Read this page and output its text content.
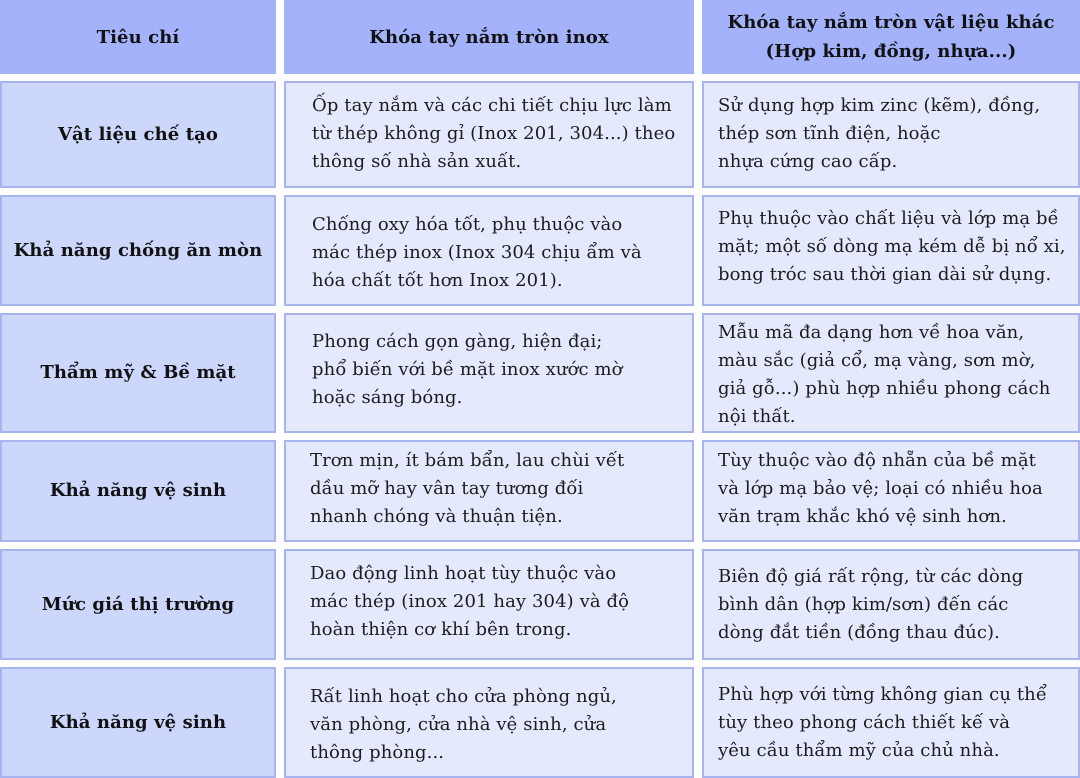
Tiêu chí	Khóa tay nắm tròn inox
Khóa tay nắm tròn vật liệu khác
(Hợp kim, đồng, nhựa...)
Vật liệu chế tạo
Ốp tay nắm và các chi tiết chịu lực làm
từ thép không gỉ (Inox 201, 304...) theo
thông số nhà sản xuất.
Sử dụng hợp kim zinc (kẽm), đồng,
thép sơn tĩnh điện, hoặc
nhựa cứng cao cấp.
Khả năng chống ăn mòn
Chống oxy hóa tốt, phụ thuộc vào
mác thép inox (Inox 304 chịu ẩm và
hóa chất tốt hơn Inox 201).
Phụ thuộc vào chất liệu và lớp mạ bề
mặt; một số dòng mạ kém dễ bị nổ xi,
bong tróc sau thời gian dài sử dụng.
Thẩm mỹ & Bề mặt
Phong cách gọn gàng, hiện đại;
phổ biến với bề mặt inox xước mờ
hoặc sáng bóng.
Mẫu mã đa dạng hơn về hoa văn,
màu sắc (giả cổ, mạ vàng, sơn mờ,
giả gỗ...) phù hợp nhiều phong cách
nội thất.
Khả năng vệ sinh
Trơn mịn, ít bám bẩn, lau chùi vết
dầu mỡ hay vân tay tương đối
nhanh chóng và thuận tiện.
Tùy thuộc vào độ nhẵn của bề mặt
và lớp mạ bảo vệ; loại có nhiều hoa
văn trạm khắc khó vệ sinh hơn.
Mức giá thị trường
Dao động linh hoạt tùy thuộc vào
mác thép (inox 201 hay 304) và độ
hoàn thiện cơ khí bên trong.
Biên độ giá rất rộng, từ các dòng
bình dân (hợp kim/sơn) đến các
dòng đắt tiền (đồng thau đúc).
Khả năng vệ sinh
Rất linh hoạt cho cửa phòng ngủ,
văn phòng, cửa nhà vệ sinh, cửa
thông phòng...
Phù hợp với từng không gian cụ thể
tùy theo phong cách thiết kế và
yêu cầu thẩm mỹ của chủ nhà.
